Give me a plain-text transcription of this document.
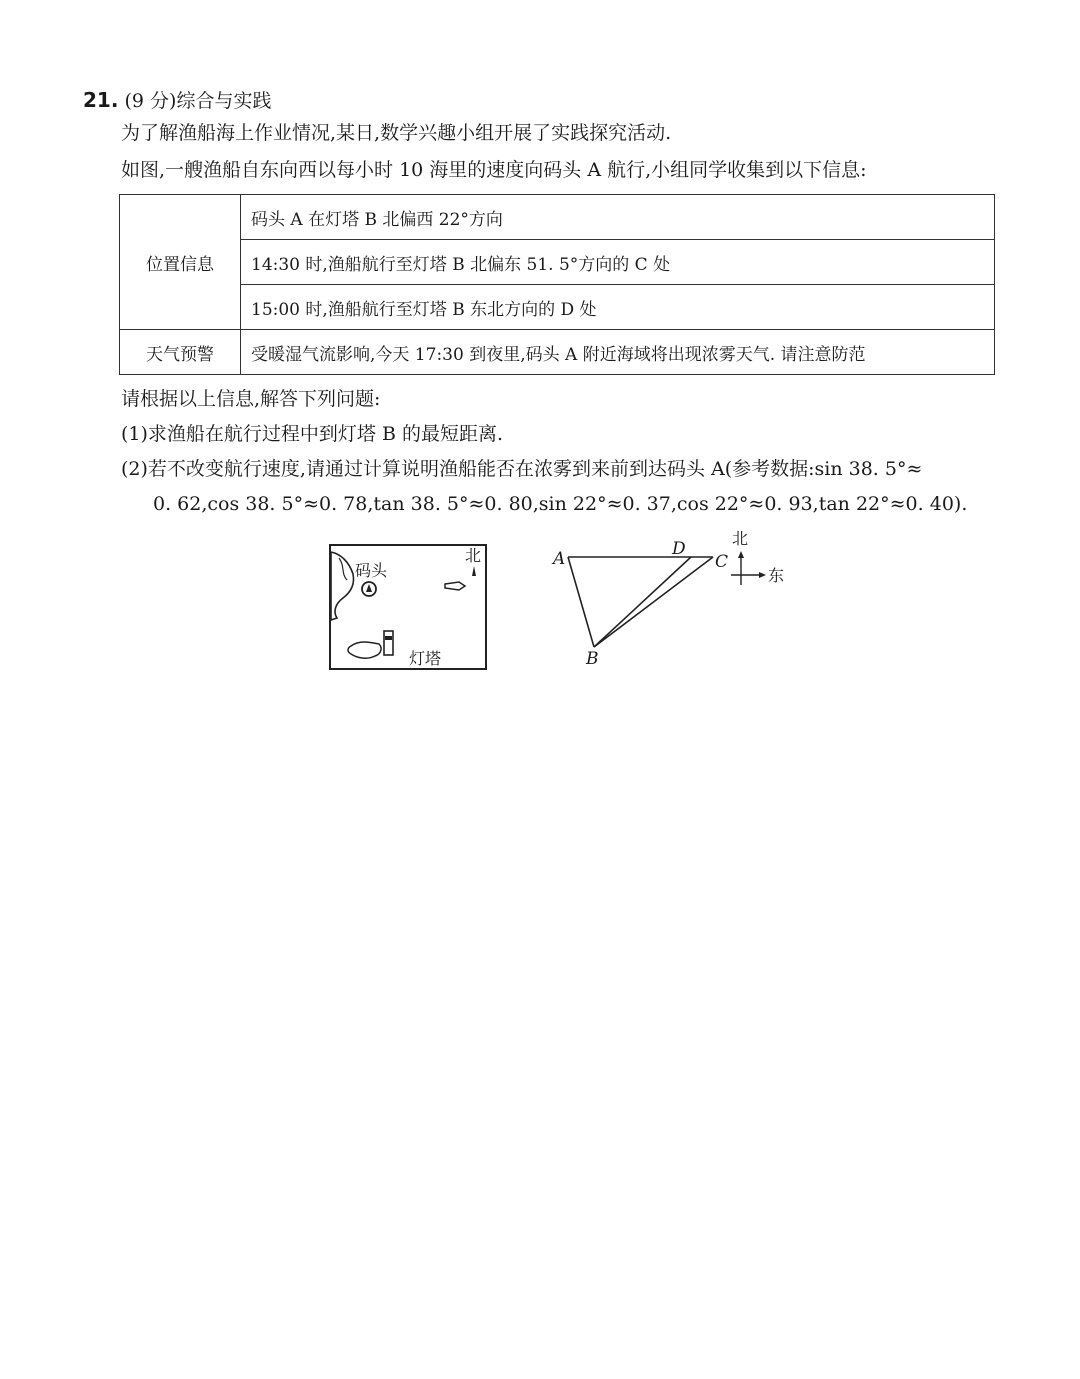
21. (9 分)综合与实践
为了解渔船海上作业情况,某日,数学兴趣小组开展了实践探究活动.
如图,一艘渔船自东向西以每小时 10 海里的速度向码头 A 航行,小组同学收集到以下信息:
位置信息	码头 A 在灯塔 B 北偏西 22°方向
	14:30 时,渔船航行至灯塔 B 北偏东 51. 5°方向的 C 处
	15:00 时,渔船航行至灯塔 B 东北方向的 D 处
天气预警	受暖湿气流影响,今天 17:30 到夜里,码头 A 附近海域将出现浓雾天气. 请注意防范
请根据以上信息,解答下列问题:
(1)求渔船在航行过程中到灯塔 B 的最短距离.
(2)若不改变航行速度,请通过计算说明渔船能否在浓雾到来前到达码头 A(参考数据:sin 38. 5°≈
0. 62,cos 38. 5°≈0. 78,tan 38. 5°≈0. 80,sin 22°≈0. 37,cos 22°≈0. 93,tan 22°≈0. 40).
码头
北
灯塔
A
B
C
D
北
东
